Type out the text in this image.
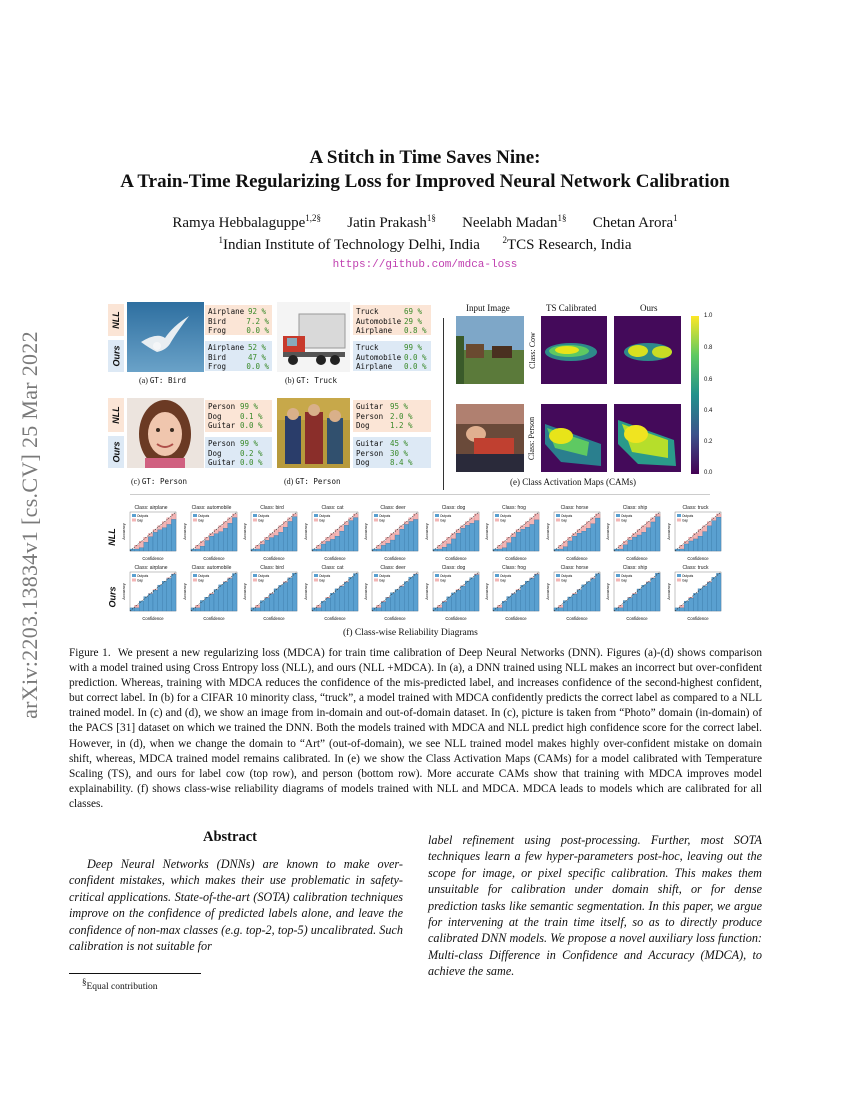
arXiv:2203.13834v1 [cs.CV] 25 Mar 2022
A Stitch in Time Saves Nine:
A Train-Time Regularizing Loss for Improved Neural Network Calibration
Ramya Hebbalaguppe$^{1,2\S}$ Jatin Prakash$^{1\S}$ Neelabh Madan$^{1\S}$ Chetan Arora$^1$
$^1$Indian Institute of Technology Delhi, India	$^2$TCS Research, India
https://github.com/mdca-loss
NLL
Ours
NLL
Ours
Airplane 92 %
Bird	7.2 %
Frog	0.0 %
Airplane 52 %
Bird	47 %
Frog	0.0 %
Truck	69 %
Automobile 29 %
Airplane	0.8 %
Truck	99 %
Automobile 0.0 %
Airplane	0.0 %
Person 99 %
Dog	0.1 %
Guitar 0.0 %
Person 99 %
Dog	0.2 %
Guitar 0.0 %
Guitar 95 %
Person 2.0 %
Dog	1.2 %
Guitar 45 %
Person 30 %
Dog	8.4 %
(a) GT: Bird	(b) GT: Truck
(c) GT: Person	(d) GT: Person
Input Image	TS Calibrated	Ours
Class: Cow
Class: Person
1.0
0.8
0.6
0.4
0.2
0.0
(e) Class Activation Maps (CAMs)
NLL
Ours
Class: airplane
Outputs
Gap
Confidence
Accuracy
Class: automobile
Outputs
Gap
Confidence
Accuracy
Class: bird
Outputs
Gap
Confidence
Accuracy
Class: cat
Outputs
Gap
Confidence
Accuracy
Class: deer
Outputs
Gap
Confidence
Accuracy
Class: dog
Outputs
Gap
Confidence
Accuracy
Class: frog
Outputs
Gap
Confidence
Accuracy
Class: horse
Outputs
Gap
Confidence
Accuracy
Class: ship
Outputs
Gap
Confidence
Accuracy
Class: truck
Outputs
Gap
Confidence
Accuracy
Class: airplane
Outputs
Gap
Confidence
Accuracy
Class: automobile
Outputs
Gap
Confidence
Accuracy
Class: bird
Outputs
Gap
Confidence
Accuracy
Class: cat
Outputs
Gap
Confidence
Accuracy
Class: deer
Outputs
Gap
Confidence
Accuracy
Class: dog
Outputs
Gap
Confidence
Accuracy
Class: frog
Outputs
Gap
Confidence
Accuracy
Class: horse
Outputs
Gap
Confidence
Accuracy
Class: ship
Outputs
Gap
Confidence
Accuracy
Class: truck
Outputs
Gap
Confidence
Accuracy
(f) Class-wise Reliability Diagrams
Figure 1. We present a new regularizing loss (MDCA) for train time calibration of Deep Neural Networks (DNN). Figures (a)-(d) shows comparison with a model trained using Cross Entropy loss (NLL), and ours (NLL +MDCA). In (a), a DNN trained using NLL makes an incorrect but over-confident prediction. Whereas, training with MDCA reduces the confidence of the mis-predicted label, and increases confidence of the second-highest confident, but correct label. In (b) for a CIFAR 10 minority class, “truck”, a model trained with MDCA confidently predicts the correct label as compared to a NLL trained model. In (c) and (d), we show an image from in-domain and out-of-domain dataset. In (c), picture is taken from “Photo” domain (in-domain) of the PACS [31] dataset on which we trained the DNN. Both the models trained with MDCA and NLL predict high confidence score for the correct label. However, in (d), when we change the domain to “Art” (out-of-domain), we see NLL trained model makes highly over-confident mistake on domain shift, whereas, MDCA trained model remains calibrated. In (e) we show the Class Activation Maps (CAMs) for a model calibrated with Temperature Scaling (TS), and ours for label cow (top row), and person (bottom row). More accurate CAMs show that training with MDCA improves model explainability. (f) shows class-wise reliability diagrams of models trained with NLL and MDCA. MDCA leads to models which are calibrated for all classes.
Abstract
Deep Neural Networks (DNNs) are known to make over-confident mistakes, which makes their use problematic in safety-critical applications. State-of-the-art (SOTA) calibration techniques improve on the confidence of predicted labels alone, and leave the confidence of non-max classes (e.g. top-2, top-5) uncalibrated. Such calibration is not suitable for
label refinement using post-processing. Further, most SOTA techniques learn a few hyper-parameters post-hoc, leaving out the scope for image, or pixel specific calibration. This makes them unsuitable for calibration under domain shift, or for dense prediction tasks like semantic segmentation. In this paper, we argue for intervening at the train time itself, so as to directly produce calibrated DNN models. We propose a novel auxiliary loss function: Multi-class Difference in Confidence and Accuracy (MDCA), to achieve the same.
§Equal contribution
